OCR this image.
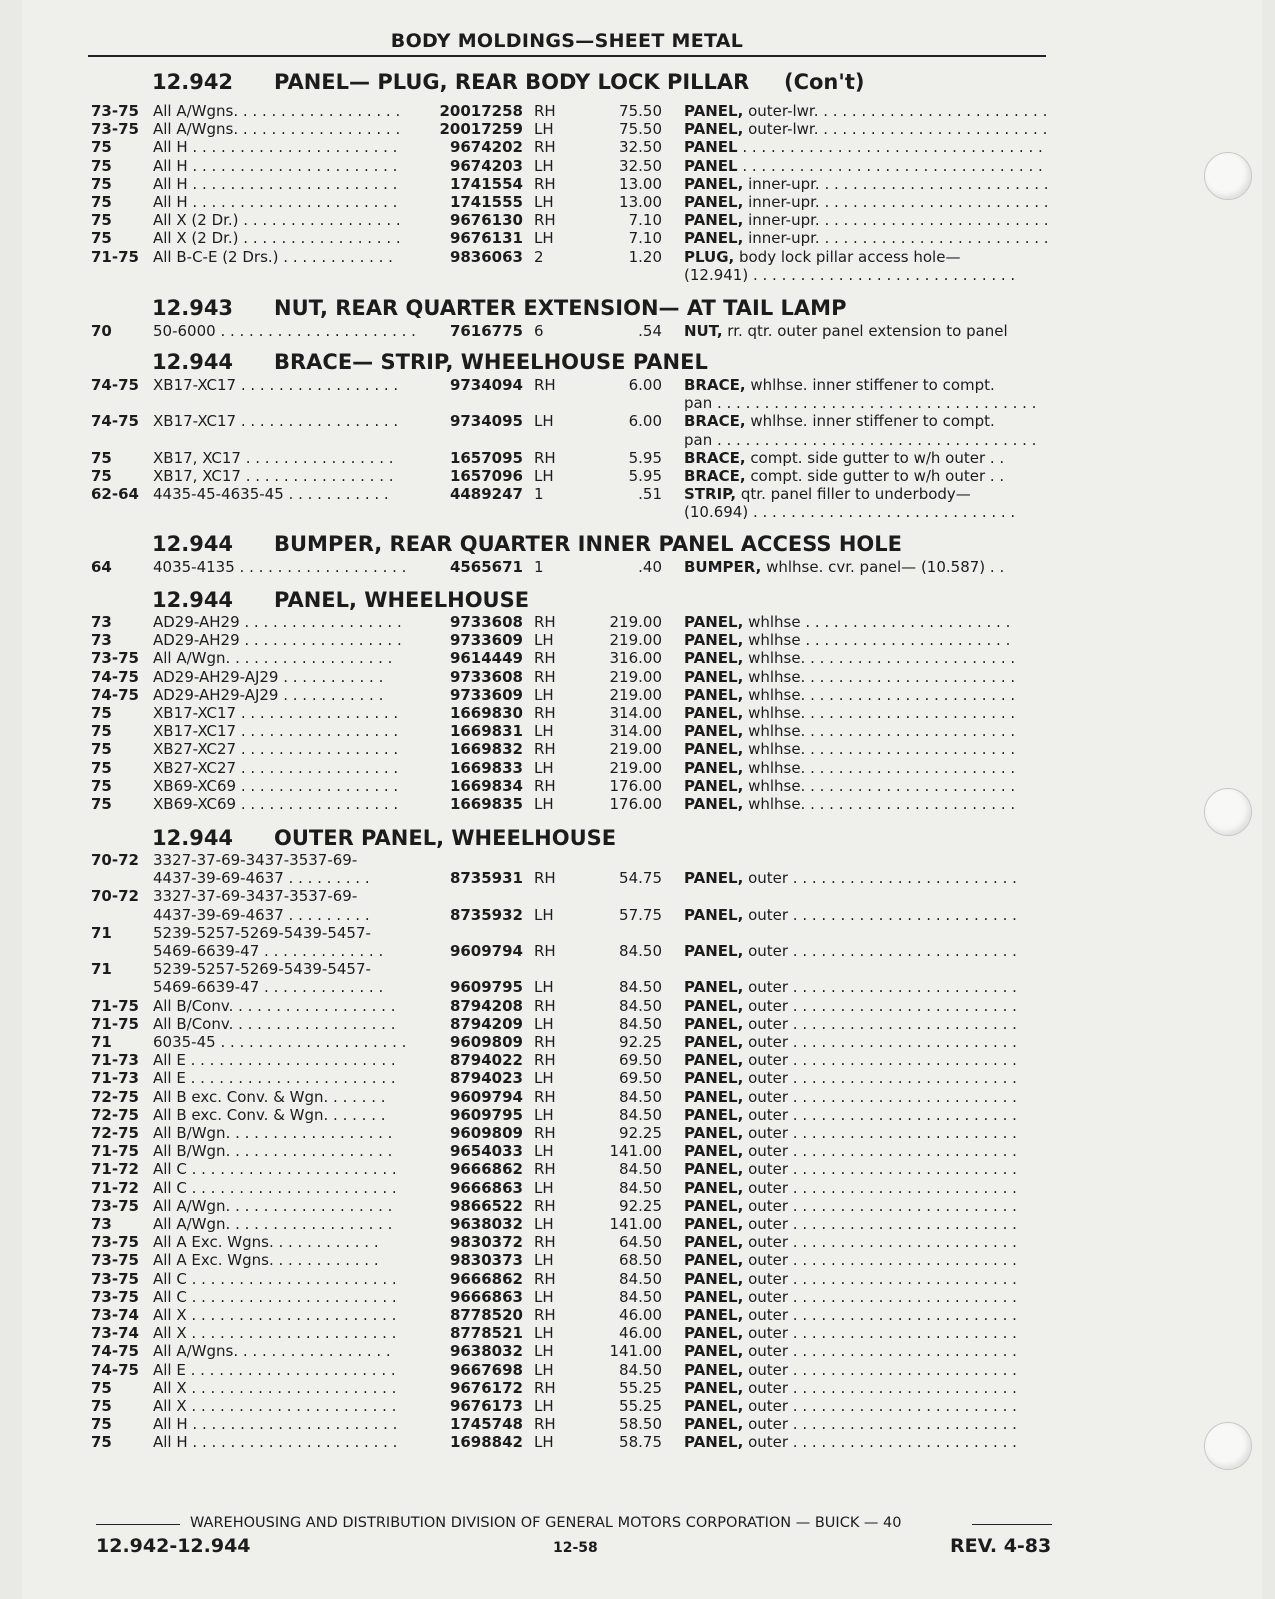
BODY MOLDINGS—SHEET METAL
12.942 PANEL— PLUG, REAR BODY LOCK PILLAR (Con't)
73-75 All A/Wgns. . . . . . . . . . . . . . . . . .	20017258 RH	75.50 PANEL, outer-lwr. . . . . . . . . . . . . . . . . . . . . . . . .
73-75 All A/Wgns. . . . . . . . . . . . . . . . . .	20017259 LH	75.50 PANEL, outer-lwr. . . . . . . . . . . . . . . . . . . . . . . . .
75	All H . . . . . . . . . . . . . . . . . . . . . .	9674202 RH	32.50 PANEL . . . . . . . . . . . . . . . . . . . . . . . . . . . . . . . .
75	All H . . . . . . . . . . . . . . . . . . . . . .	9674203 LH	32.50 PANEL . . . . . . . . . . . . . . . . . . . . . . . . . . . . . . . .
75	All H . . . . . . . . . . . . . . . . . . . . . .	1741554 RH	13.00 PANEL, inner-upr. . . . . . . . . . . . . . . . . . . . . . . . .
75	All H . . . . . . . . . . . . . . . . . . . . . .	1741555 LH	13.00 PANEL, inner-upr. . . . . . . . . . . . . . . . . . . . . . . . .
75	All X (2 Dr.) . . . . . . . . . . . . . . . . .	9676130 RH	7.10 PANEL, inner-upr. . . . . . . . . . . . . . . . . . . . . . . . .
75	All X (2 Dr.) . . . . . . . . . . . . . . . . .	9676131 LH	7.10 PANEL, inner-upr. . . . . . . . . . . . . . . . . . . . . . . . .
71-75 All B-C-E (2 Drs.) . . . . . . . . . . . .	9836063 2	1.20 PLUG, body lock pillar access hole—
(12.941) . . . . . . . . . . . . . . . . . . . . . . . . . . . .
12.943 NUT, REAR QUARTER EXTENSION— AT TAIL LAMP
70	50-6000 . . . . . . . . . . . . . . . . . . . . .	7616775 6	.54 NUT, rr. qtr. outer panel extension to panel
12.944 BRACE— STRIP, WHEELHOUSE PANEL
74-75 XB17-XC17 . . . . . . . . . . . . . . . . .	9734094 RH	6.00 BRACE, whlhse. inner stiffener to compt.
pan . . . . . . . . . . . . . . . . . . . . . . . . . . . . . . . . . .
74-75 XB17-XC17 . . . . . . . . . . . . . . . . .	9734095 LH	6.00 BRACE, whlhse. inner stiffener to compt.
pan . . . . . . . . . . . . . . . . . . . . . . . . . . . . . . . . . .
75	XB17, XC17 . . . . . . . . . . . . . . . .	1657095 RH	5.95 BRACE, compt. side gutter to w/h outer . .
75	XB17, XC17 . . . . . . . . . . . . . . . .	1657096 LH	5.95 BRACE, compt. side gutter to w/h outer . .
62-64 4435-45-4635-45 . . . . . . . . . . .	4489247 1	.51 STRIP, qtr. panel filler to underbody—
(10.694) . . . . . . . . . . . . . . . . . . . . . . . . . . . .
12.944 BUMPER, REAR QUARTER INNER PANEL ACCESS HOLE
64	4035-4135 . . . . . . . . . . . . . . . . . .	4565671 1	.40 BUMPER, whlhse. cvr. panel— (10.587) . .
12.944 PANEL, WHEELHOUSE
73	AD29-AH29 . . . . . . . . . . . . . . . . .	9733608 RH	219.00 PANEL, whlhse . . . . . . . . . . . . . . . . . . . . . .
73	AD29-AH29 . . . . . . . . . . . . . . . . .	9733609 LH	219.00 PANEL, whlhse . . . . . . . . . . . . . . . . . . . . . .
73-75 All A/Wgn. . . . . . . . . . . . . . . . . .	9614449 RH	316.00 PANEL, whlhse. . . . . . . . . . . . . . . . . . . . . . .
74-75 AD29-AH29-AJ29 . . . . . . . . . . .	9733608 RH	219.00 PANEL, whlhse. . . . . . . . . . . . . . . . . . . . . . .
74-75 AD29-AH29-AJ29 . . . . . . . . . . .	9733609 LH	219.00 PANEL, whlhse. . . . . . . . . . . . . . . . . . . . . . .
75	XB17-XC17 . . . . . . . . . . . . . . . . .	1669830 RH	314.00 PANEL, whlhse. . . . . . . . . . . . . . . . . . . . . . .
75	XB17-XC17 . . . . . . . . . . . . . . . . .	1669831 LH	314.00 PANEL, whlhse. . . . . . . . . . . . . . . . . . . . . . .
75	XB27-XC27 . . . . . . . . . . . . . . . . .	1669832 RH	219.00 PANEL, whlhse. . . . . . . . . . . . . . . . . . . . . . .
75	XB27-XC27 . . . . . . . . . . . . . . . . .	1669833 LH	219.00 PANEL, whlhse. . . . . . . . . . . . . . . . . . . . . . .
75	XB69-XC69 . . . . . . . . . . . . . . . . .	1669834 RH	176.00 PANEL, whlhse. . . . . . . . . . . . . . . . . . . . . . .
75	XB69-XC69 . . . . . . . . . . . . . . . . .	1669835 LH	176.00 PANEL, whlhse. . . . . . . . . . . . . . . . . . . . . . .
12.944 OUTER PANEL, WHEELHOUSE
70-72 3327-37-69-3437-3537-69-
4437-39-69-4637 . . . . . . . . .	8735931 RH	54.75 PANEL, outer . . . . . . . . . . . . . . . . . . . . . . . .
70-72 3327-37-69-3437-3537-69-
4437-39-69-4637 . . . . . . . . .	8735932 LH	57.75 PANEL, outer . . . . . . . . . . . . . . . . . . . . . . . .
71	5239-5257-5269-5439-5457-
5469-6639-47 . . . . . . . . . . . . .	9609794 RH	84.50 PANEL, outer . . . . . . . . . . . . . . . . . . . . . . . .
71	5239-5257-5269-5439-5457-
5469-6639-47 . . . . . . . . . . . . .	9609795 LH	84.50 PANEL, outer . . . . . . . . . . . . . . . . . . . . . . . .
71-75 All B/Conv. . . . . . . . . . . . . . . . . .	8794208 RH	84.50 PANEL, outer . . . . . . . . . . . . . . . . . . . . . . . .
71-75 All B/Conv. . . . . . . . . . . . . . . . . .	8794209 LH	84.50 PANEL, outer . . . . . . . . . . . . . . . . . . . . . . . .
71	6035-45 . . . . . . . . . . . . . . . . . . . .	9609809 RH	92.25 PANEL, outer . . . . . . . . . . . . . . . . . . . . . . . .
71-73 All E . . . . . . . . . . . . . . . . . . . . . .	8794022 RH	69.50 PANEL, outer . . . . . . . . . . . . . . . . . . . . . . . .
71-73 All E . . . . . . . . . . . . . . . . . . . . . .	8794023 LH	69.50 PANEL, outer . . . . . . . . . . . . . . . . . . . . . . . .
72-75 All B exc. Conv. & Wgn. . . . . . .	9609794 RH	84.50 PANEL, outer . . . . . . . . . . . . . . . . . . . . . . . .
72-75 All B exc. Conv. & Wgn. . . . . . .	9609795 LH	84.50 PANEL, outer . . . . . . . . . . . . . . . . . . . . . . . .
72-75 All B/Wgn. . . . . . . . . . . . . . . . . .	9609809 RH	92.25 PANEL, outer . . . . . . . . . . . . . . . . . . . . . . . .
71-75 All B/Wgn. . . . . . . . . . . . . . . . . .	9654033 LH	141.00 PANEL, outer . . . . . . . . . . . . . . . . . . . . . . . .
71-72 All C . . . . . . . . . . . . . . . . . . . . . .	9666862 RH	84.50 PANEL, outer . . . . . . . . . . . . . . . . . . . . . . . .
71-72 All C . . . . . . . . . . . . . . . . . . . . . .	9666863 LH	84.50 PANEL, outer . . . . . . . . . . . . . . . . . . . . . . . .
73-75 All A/Wgn. . . . . . . . . . . . . . . . . .	9866522 RH	92.25 PANEL, outer . . . . . . . . . . . . . . . . . . . . . . . .
73	All A/Wgn. . . . . . . . . . . . . . . . . .	9638032 LH	141.00 PANEL, outer . . . . . . . . . . . . . . . . . . . . . . . .
73-75 All A Exc. Wgns. . . . . . . . . . . .	9830372 RH	64.50 PANEL, outer . . . . . . . . . . . . . . . . . . . . . . . .
73-75 All A Exc. Wgns. . . . . . . . . . . .	9830373 LH	68.50 PANEL, outer . . . . . . . . . . . . . . . . . . . . . . . .
73-75 All C . . . . . . . . . . . . . . . . . . . . . .	9666862 RH	84.50 PANEL, outer . . . . . . . . . . . . . . . . . . . . . . . .
73-75 All C . . . . . . . . . . . . . . . . . . . . . .	9666863 LH	84.50 PANEL, outer . . . . . . . . . . . . . . . . . . . . . . . .
73-74 All X . . . . . . . . . . . . . . . . . . . . . .	8778520 RH	46.00 PANEL, outer . . . . . . . . . . . . . . . . . . . . . . . .
73-74 All X . . . . . . . . . . . . . . . . . . . . . .	8778521 LH	46.00 PANEL, outer . . . . . . . . . . . . . . . . . . . . . . . .
74-75 All A/Wgns. . . . . . . . . . . . . . . . .	9638032 LH	141.00 PANEL, outer . . . . . . . . . . . . . . . . . . . . . . . .
74-75 All E . . . . . . . . . . . . . . . . . . . . . .	9667698 LH	84.50 PANEL, outer . . . . . . . . . . . . . . . . . . . . . . . .
75	All X . . . . . . . . . . . . . . . . . . . . . .	9676172 RH	55.25 PANEL, outer . . . . . . . . . . . . . . . . . . . . . . . .
75	All X . . . . . . . . . . . . . . . . . . . . . .	9676173 LH	55.25 PANEL, outer . . . . . . . . . . . . . . . . . . . . . . . .
75	All H . . . . . . . . . . . . . . . . . . . . . .	1745748 RH	58.50 PANEL, outer . . . . . . . . . . . . . . . . . . . . . . . .
75	All H . . . . . . . . . . . . . . . . . . . . . .	1698842 LH	58.75 PANEL, outer . . . . . . . . . . . . . . . . . . . . . . . .
WAREHOUSING AND DISTRIBUTION DIVISION OF GENERAL MOTORS CORPORATION — BUICK — 40
12.942-12.944	12-58	REV. 4-83
